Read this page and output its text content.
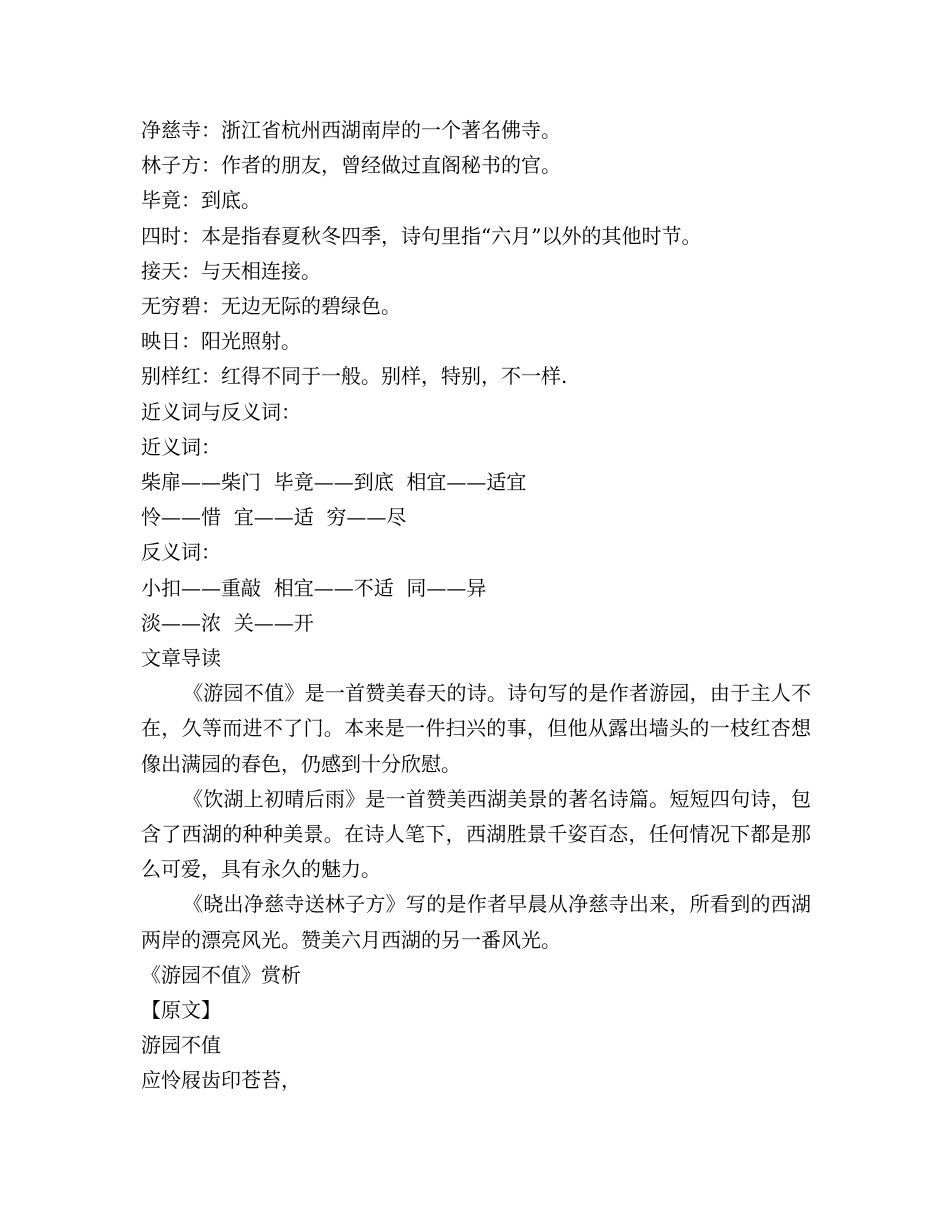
净慈寺：浙江省杭州西湖南岸的一个著名佛寺。

林子方：作者的朋友，曾经做过直阁秘书的官。

毕竟：到底。

四时：本是指春夏秋冬四季，诗句里指“六月”以外的其他时节。

接天：与天相连接。

无穷碧：无边无际的碧绿色。

映日：阳光照射。

别样红：红得不同于一般。别样，特别，不一样.

近义词与反义词：

近义词：

柴扉——柴门  毕竟——到底  相宜——适宜

怜——惜  宜——适  穷——尽

反义词：

小扣——重敲  相宜——不适  同——异

淡——浓  关——开

文章导读

《游园不值》是一首赞美春天的诗。诗句写的是作者游园，由于主人不在，久等而进不了门。本来是一件扫兴的事，但他从露出墙头的一枝红杏想像出满园的春色，仍感到十分欣慰。

《饮湖上初晴后雨》是一首赞美西湖美景的著名诗篇。短短四句诗，包含了西湖的种种美景。在诗人笔下，西湖胜景千姿百态，任何情况下都是那么可爱，具有永久的魅力。

《晓出净慈寺送林子方》写的是作者早晨从净慈寺出来，所看到的西湖两岸的漂亮风光。赞美六月西湖的另一番风光。

《游园不值》赏析

【原文】

游园不值

应怜屐齿印苍苔，
